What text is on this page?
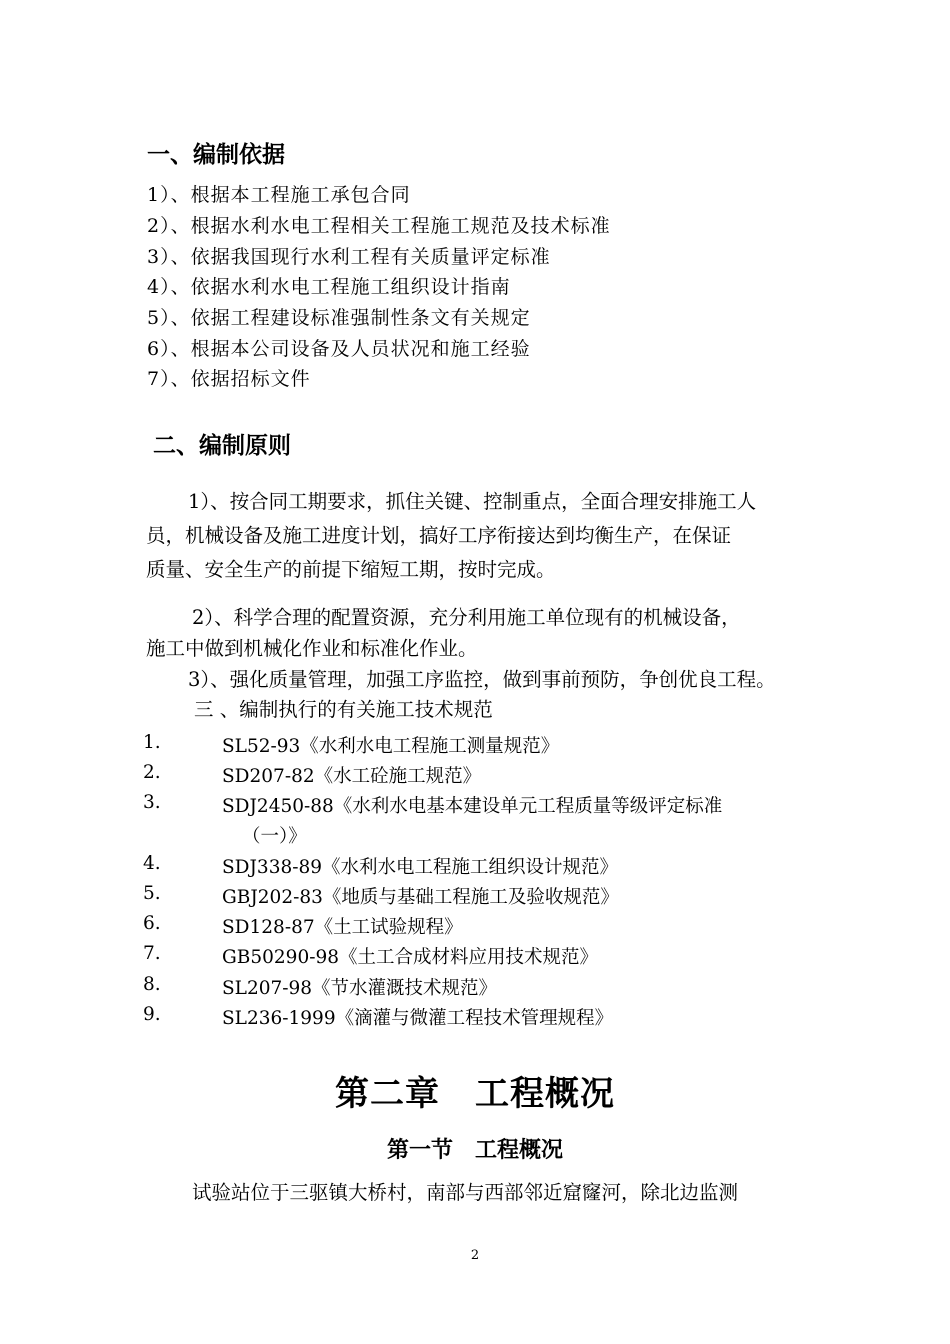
一、编制依据
1）、根据本工程施工承包合同
2）、根据水利水电工程相关工程施工规范及技术标准
3）、依据我国现行水利工程有关质量评定标准
4）、依据水利水电工程施工组织设计指南
5）、依据工程建设标准强制性条文有关规定
6）、根据本公司设备及人员状况和施工经验
7）、依据招标文件
二、编制原则
1）、按合同工期要求，抓住关键、控制重点，全面合理安排施工人
员，机械设备及施工进度计划，搞好工序衔接达到均衡生产，在保证
质量、安全生产的前提下缩短工期，按时完成。
2）、科学合理的配置资源，充分利用施工单位现有的机械设备，
施工中做到机械化作业和标准化作业。
3）、强化质量管理，加强工序监控，做到事前预防，争创优良工程。
三 、编制执行的有关施工技术规范
1.	SL52-93《水利水电工程施工测量规范》
2.	SD207-82《水工砼施工规范》
3.	SDJ2450-88《水利水电基本建设单元工程质量等级评定标准
（一）》
4.	SDJ338-89《水利水电工程施工组织设计规范》
5.	GBJ202-83《地质与基础工程施工及验收规范》
6.	SD128-87《土工试验规程》
7.	GB50290-98《土工合成材料应用技术规范》
8.	SL207-98《节水灌溉技术规范》
9.	SL236-1999《滴灌与微灌工程技术管理规程》
第二章　工程概况
第一节　工程概况
试验站位于三驱镇大桥村，南部与西部邻近窟窿河，除北边监测
2
